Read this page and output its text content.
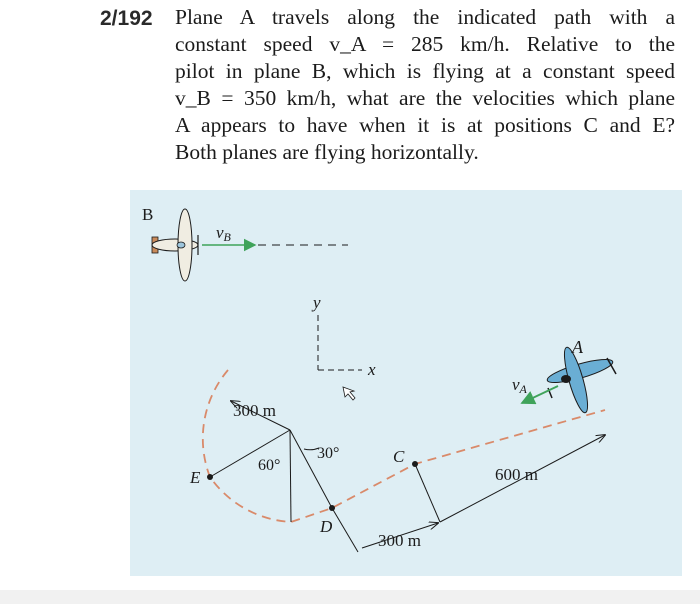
2/192 Plane A travels along the indicated path with a
constant speed v_A = 285 km/h. Relative to the
pilot in plane B, which is flying at a constant speed
v_B = 350 km/h, what are the velocities which plane
A appears to have when it is at positions C and E?
Both planes are flying horizontally.
B
vB
y
x
300 m
60°
30°	C
D
E	600 m
300 m
vA
A
